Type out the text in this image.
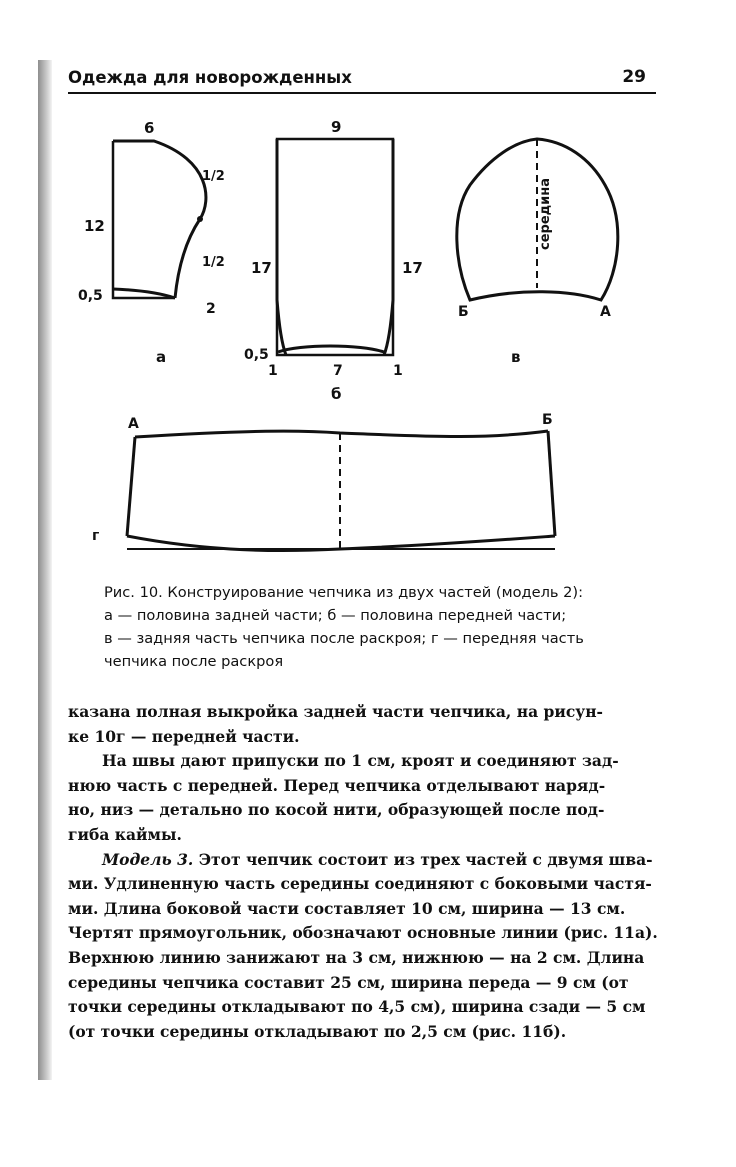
Одежда для новорожденных	29
6
12
1/2
1/2
0,5
2
а
9
17	17
0,5
1	7	1
б
середина
Б	А
в
А	Б
г
Рис. 10. Конструирование чепчика из двух частей (модель 2):
а — половина задней части; б — половина передней части;
в — задняя часть чепчика после раскроя; г — передняя часть
чепчика после раскроя
казана полная выкройка задней части чепчика, на рисун-
ке 10г — передней части.
На швы дают припуски по 1 см, кроят и соединяют зад-
нюю часть с передней. Перед чепчика отделывают наряд-
но, низ — детально по косой нити, образующей после под-
гиба каймы.
Модель 3. Этот чепчик состоит из трех частей с двумя шва-
ми. Удлиненную часть середины соединяют с боковыми частя-
ми. Длина боковой части составляет 10 см, ширина — 13 см.
Чертят прямоугольник, обозначают основные линии (рис. 11а).
Верхнюю линию занижают на 3 см, нижнюю — на 2 см. Длина
середины чепчика составит 25 см, ширина переда — 9 см (от
точки середины откладывают по 4,5 см), ширина сзади — 5 см
(от точки середины откладывают по 2,5 см (рис. 11б).
